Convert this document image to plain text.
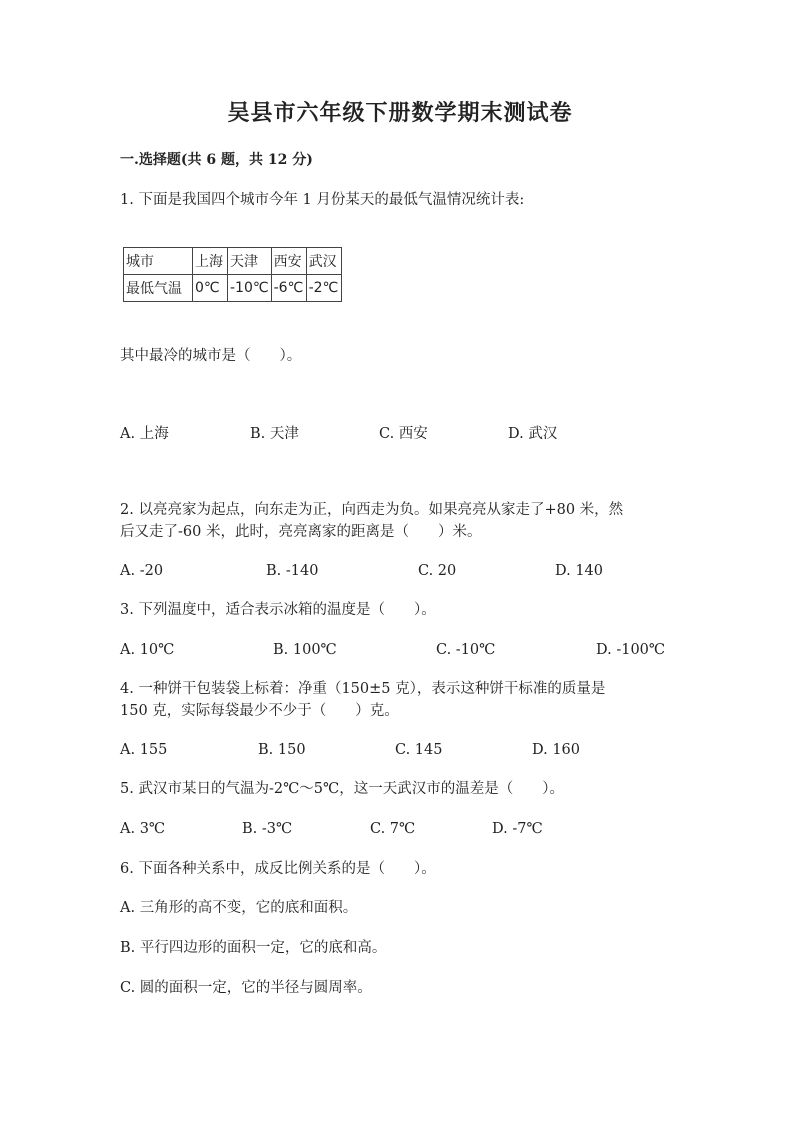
吴县市六年级下册数学期末测试卷
一.选择题(共 6 题，共 12 分)
1. 下面是我国四个城市今年 1 月份某天的最低气温情况统计表:
城市	上海	天津	西安	武汉
最低气温	0℃	-10℃	-6℃	-2℃
其中最冷的城市是（　　）。
A. 上海	B. 天津	C. 西安	D. 武汉
2. 以亮亮家为起点，向东走为正，向西走为负。如果亮亮从家走了+80 米，然
后又走了-60 米，此时，亮亮离家的距离是（　　）米。
A. -20	B. -140	C. 20	D. 140
3. 下列温度中，适合表示冰箱的温度是（　　）。
A. 10℃	B. 100℃	C. -10℃	D. -100℃
4. 一种饼干包装袋上标着：净重（150±5 克），表示这种饼干标准的质量是
150 克，实际每袋最少不少于（　　）克。
A. 155	B. 150	C. 145	D. 160
5. 武汉市某日的气温为-2℃～5℃，这一天武汉市的温差是（　　）。
A. 3℃	B. -3℃	C. 7℃	D. -7℃
6. 下面各种关系中，成反比例关系的是（　　）。
A. 三角形的高不变，它的底和面积。
B. 平行四边形的面积一定，它的底和高。
C. 圆的面积一定，它的半径与圆周率。
